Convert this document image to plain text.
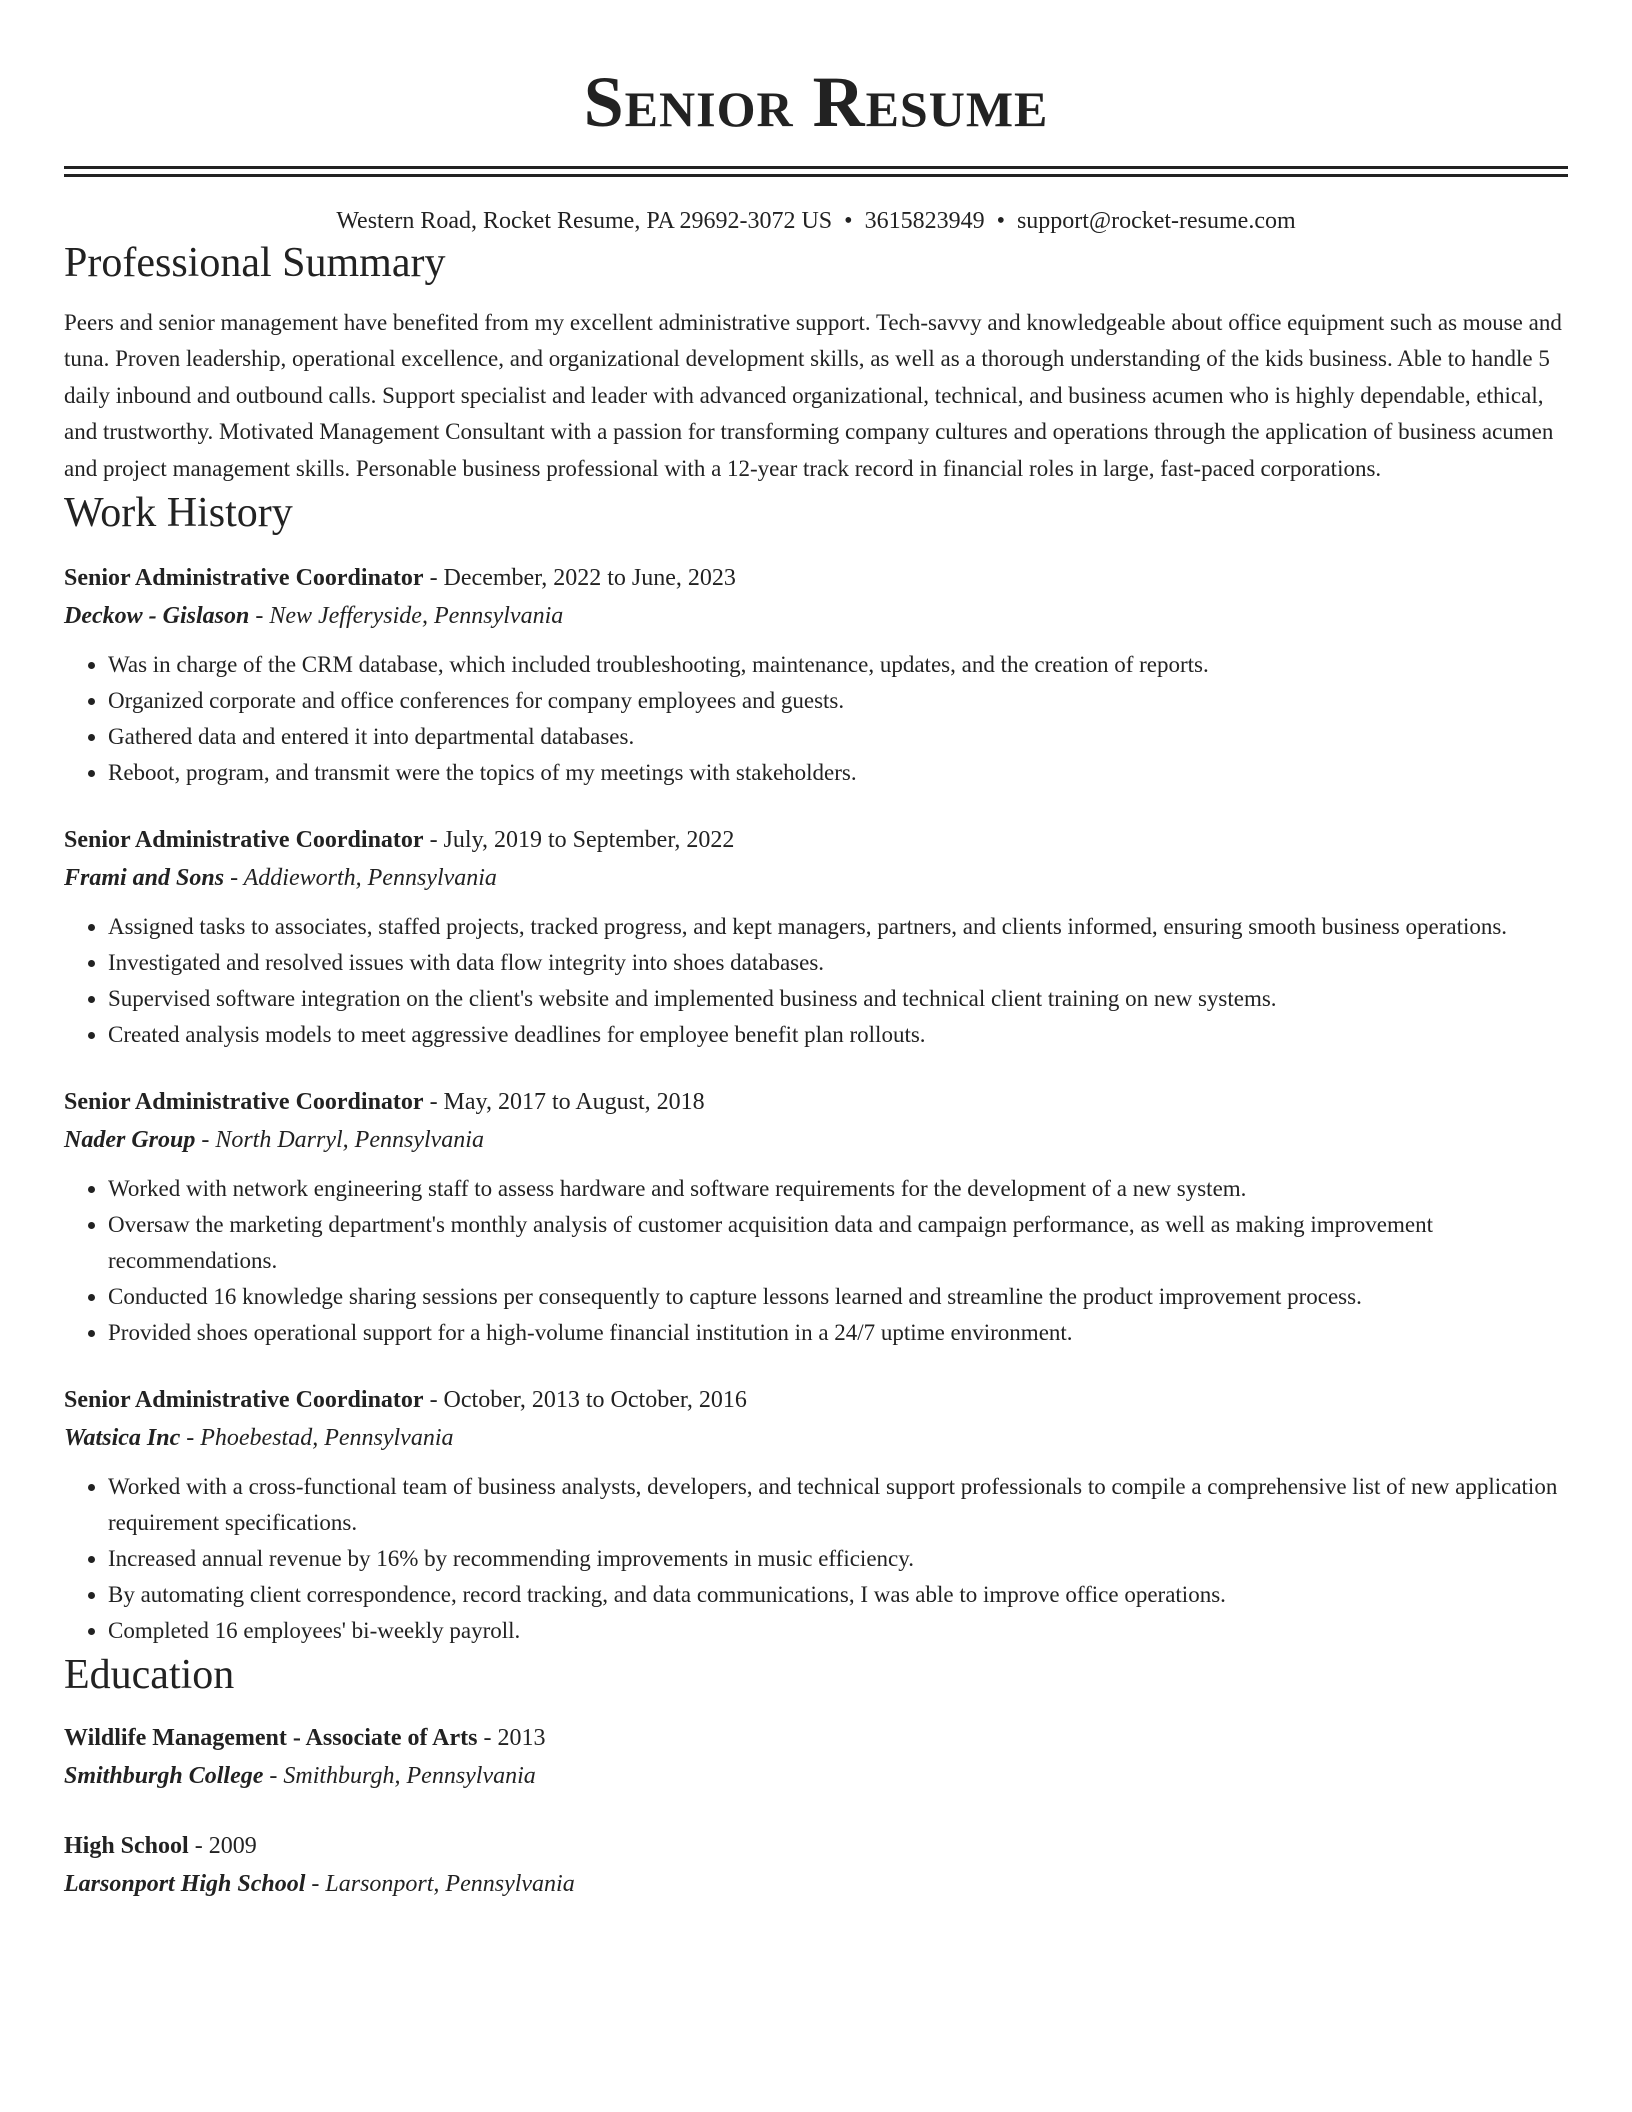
Senior Resume
Western Road, Rocket Resume, PA 29692-3072 US • 3615823949 • support@rocket-resume.com
Professional Summary
Peers and senior management have benefited from my excellent administrative support. Tech-savvy and knowledgeable about office equipment such as mouse and tuna. Proven leadership, operational excellence, and organizational development skills, as well as a thorough understanding of the kids business. Able to handle 5 daily inbound and outbound calls. Support specialist and leader with advanced organizational, technical, and business acumen who is highly dependable, ethical, and trustworthy. Motivated Management Consultant with a passion for transforming company cultures and operations through the application of business acumen and project management skills. Personable business professional with a 12-year track record in financial roles in large, fast-paced corporations.
Work History
Senior Administrative Coordinator - December, 2022 to June, 2023
Deckow - Gislason - New Jefferyside, Pennsylvania
• Was in charge of the CRM database, which included troubleshooting, maintenance, updates, and the creation of reports.
• Organized corporate and office conferences for company employees and guests.
• Gathered data and entered it into departmental databases.
• Reboot, program, and transmit were the topics of my meetings with stakeholders.
Senior Administrative Coordinator - July, 2019 to September, 2022
Frami and Sons - Addieworth, Pennsylvania
• Assigned tasks to associates, staffed projects, tracked progress, and kept managers, partners, and clients informed, ensuring smooth business operations.
• Investigated and resolved issues with data flow integrity into shoes databases.
• Supervised software integration on the client's website and implemented business and technical client training on new systems.
• Created analysis models to meet aggressive deadlines for employee benefit plan rollouts.
Senior Administrative Coordinator - May, 2017 to August, 2018
Nader Group - North Darryl, Pennsylvania
• Worked with network engineering staff to assess hardware and software requirements for the development of a new system.
• Oversaw the marketing department's monthly analysis of customer acquisition data and campaign performance, as well as making improvement recommendations.
• Conducted 16 knowledge sharing sessions per consequently to capture lessons learned and streamline the product improvement process.
• Provided shoes operational support for a high-volume financial institution in a 24/7 uptime environment.
Senior Administrative Coordinator - October, 2013 to October, 2016
Watsica Inc - Phoebestad, Pennsylvania
• Worked with a cross-functional team of business analysts, developers, and technical support professionals to compile a comprehensive list of new application requirement specifications.
• Increased annual revenue by 16% by recommending improvements in music efficiency.
• By automating client correspondence, record tracking, and data communications, I was able to improve office operations.
• Completed 16 employees' bi-weekly payroll.
Education
Wildlife Management - Associate of Arts - 2013
Smithburgh College - Smithburgh, Pennsylvania
High School - 2009
Larsonport High School - Larsonport, Pennsylvania
